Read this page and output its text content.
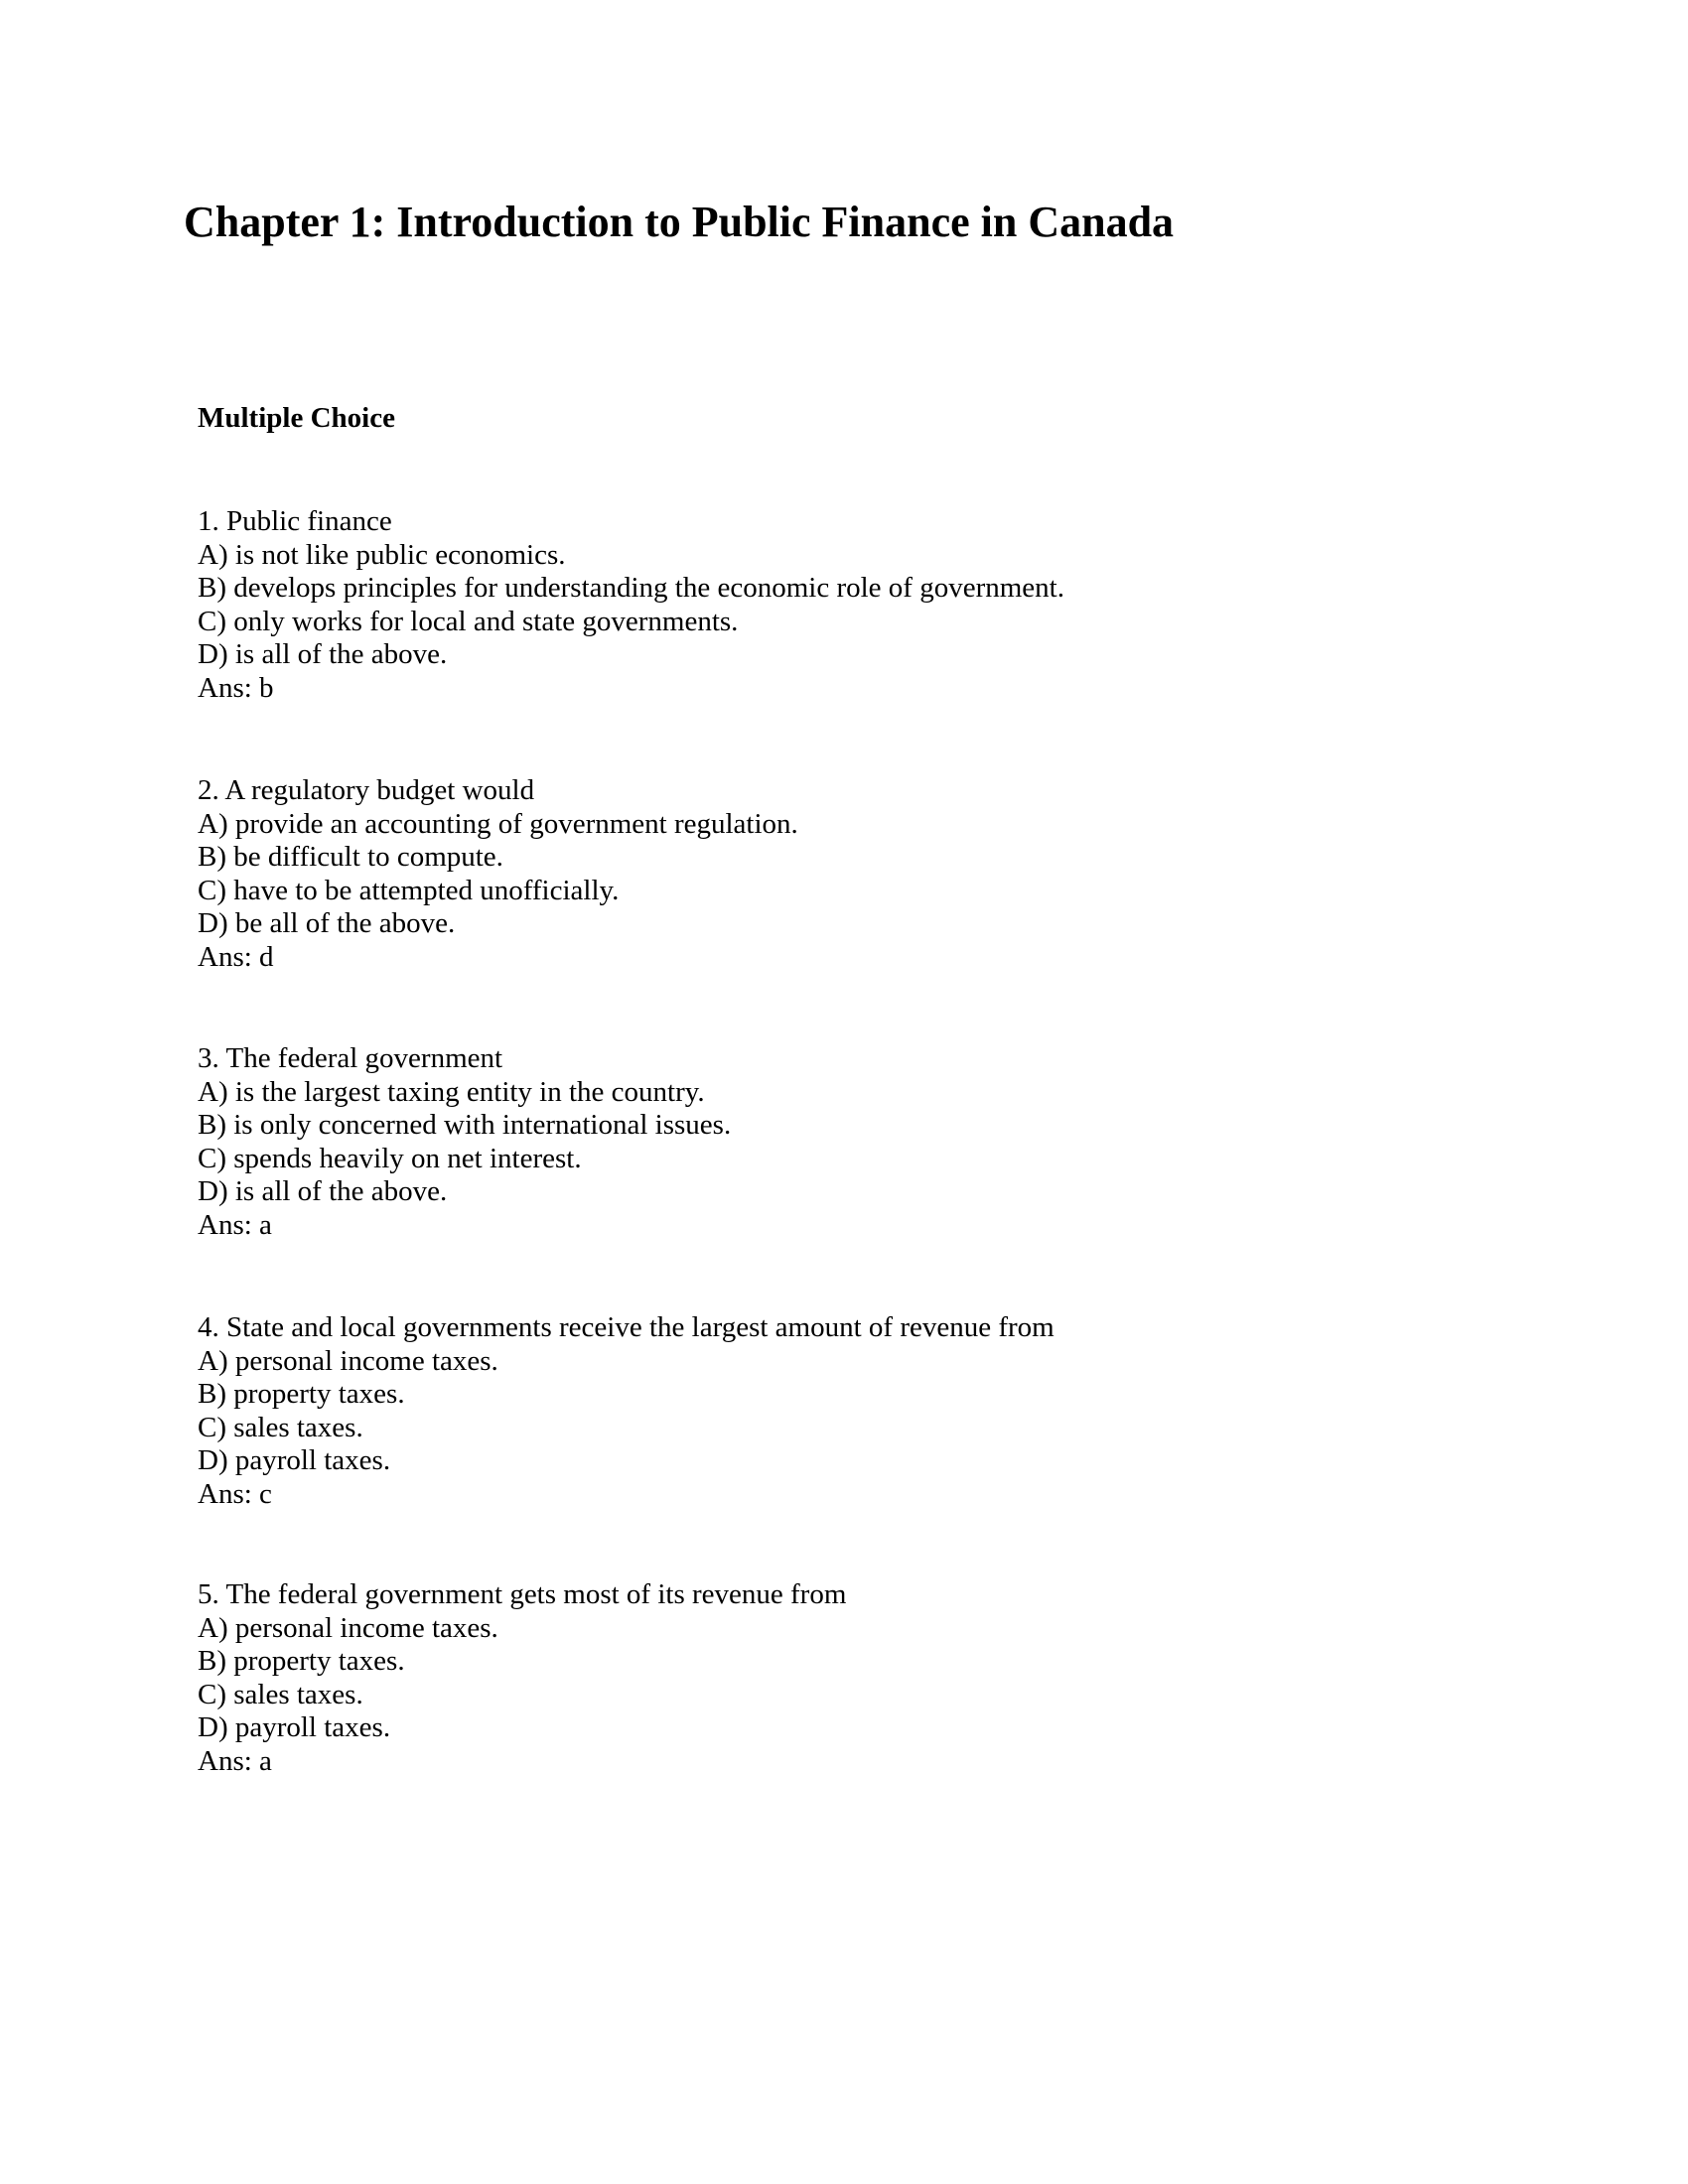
Chapter 1: Introduction to Public Finance in Canada
Multiple Choice
1. Public finance
A) is not like public economics.
B) develops principles for understanding the economic role of government.
C) only works for local and state governments.
D) is all of the above.
Ans: b
2. A regulatory budget would
A) provide an accounting of government regulation.
B) be difficult to compute.
C) have to be attempted unofficially.
D) be all of the above.
Ans: d
3. The federal government
A) is the largest taxing entity in the country.
B) is only concerned with international issues.
C) spends heavily on net interest.
D) is all of the above.
Ans: a
4. State and local governments receive the largest amount of revenue from
A) personal income taxes.
B) property taxes.
C) sales taxes.
D) payroll taxes.
Ans: c
5. The federal government gets most of its revenue from
A) personal income taxes.
B) property taxes.
C) sales taxes.
D) payroll taxes.
Ans: a
